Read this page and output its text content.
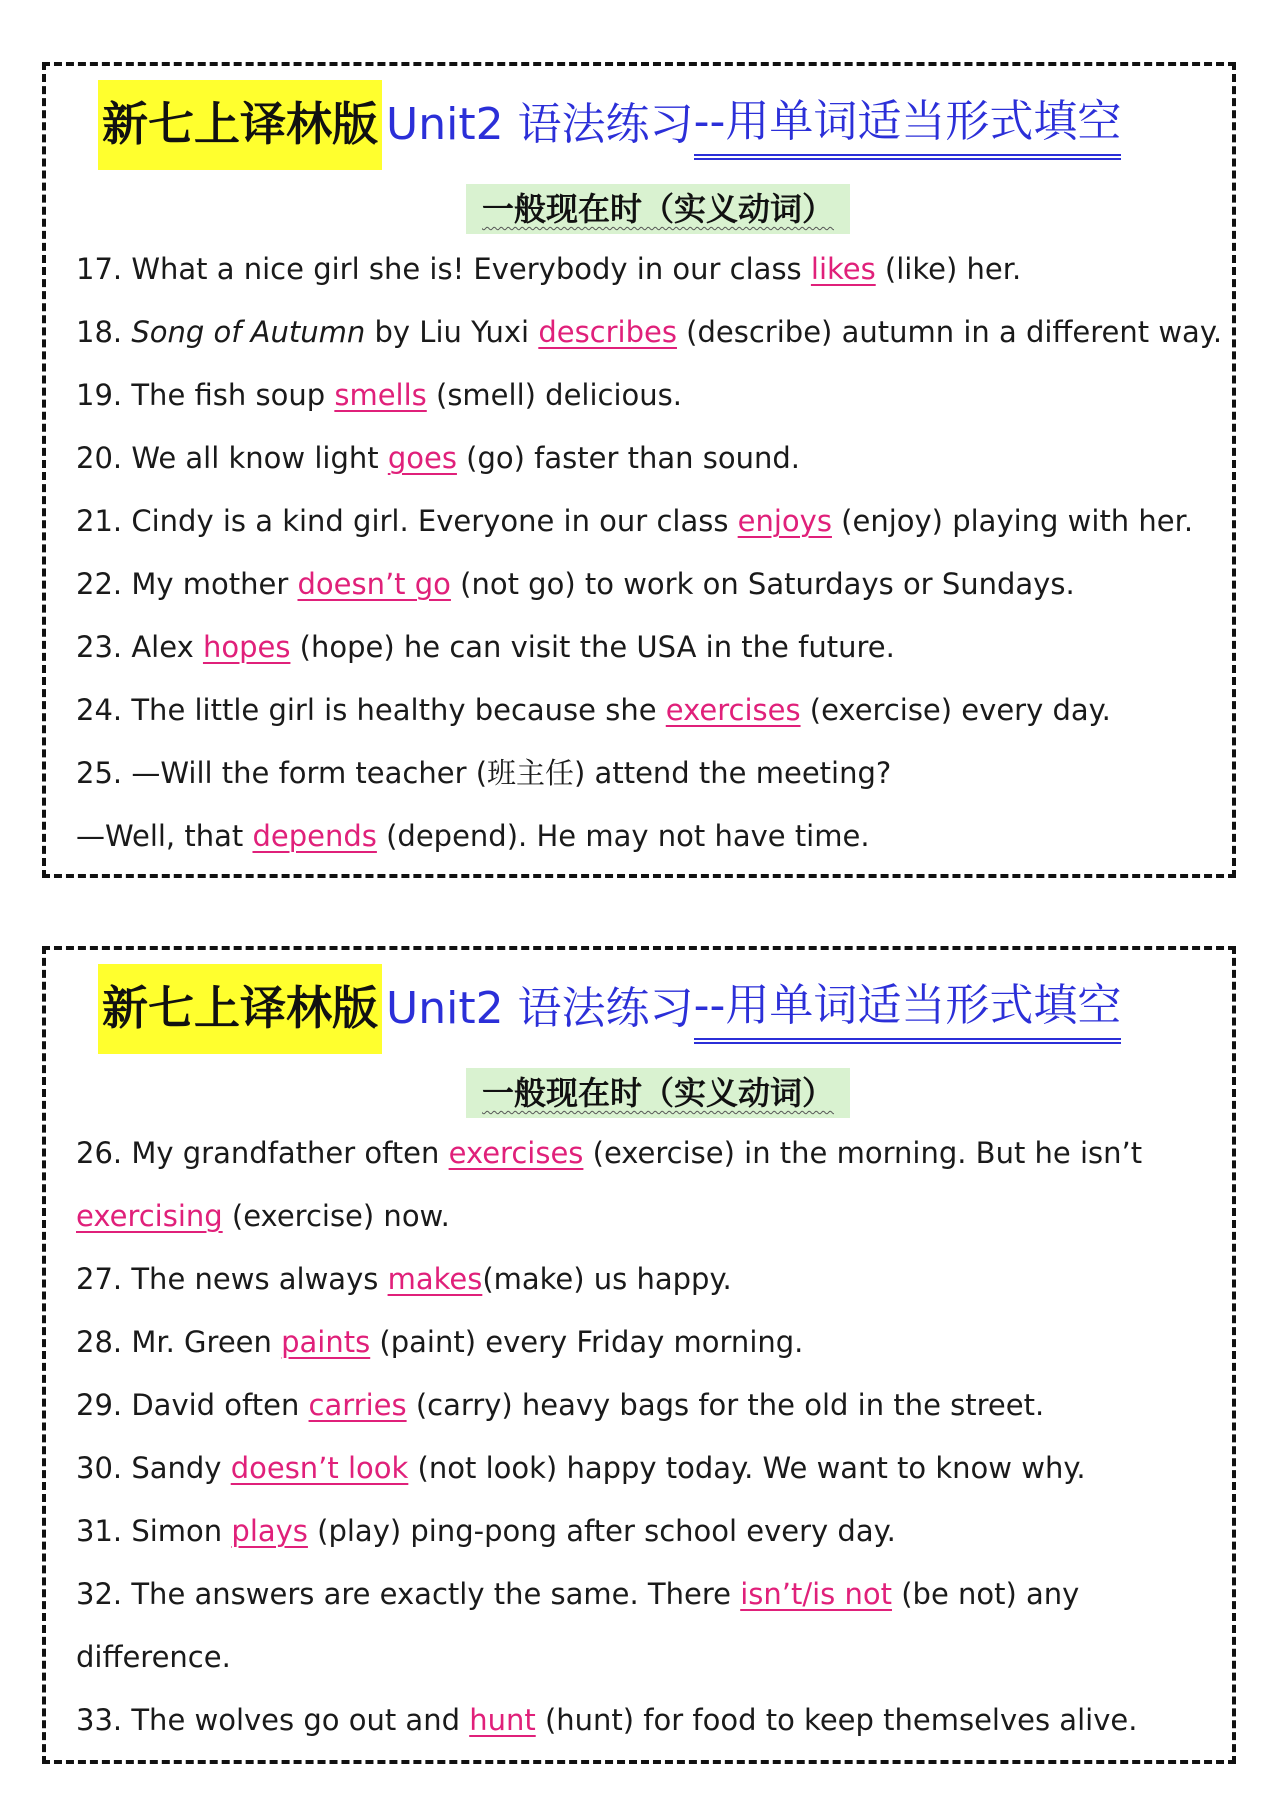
新七上译林版 Unit2 语法练习 --用单词适当形式填空
一般现在时（实义动词）
17. What a nice girl she is! Everybody in our class likes (like) her.
18. Song of Autumn by Liu Yuxi describes (describe) autumn in a different way.
19. The fish soup smells (smell) delicious.
20. We all know light goes (go) faster than sound.
21. Cindy is a kind girl. Everyone in our class enjoys (enjoy) playing with her.
22. My mother doesn’t go (not go) to work on Saturdays or Sundays.
23. Alex hopes (hope) he can visit the USA in the future.
24. The little girl is healthy because she exercises (exercise) every day.
25. —Will the form teacher (班主任) attend the meeting?
—Well, that depends (depend). He may not have time.
新七上译林版 Unit2 语法练习 --用单词适当形式填空
一般现在时（实义动词）
26. My grandfather often exercises (exercise) in the morning. But he isn’t
exercising (exercise) now.
27. The news always makes(make) us happy.
28. Mr. Green paints (paint) every Friday morning.
29. David often carries (carry) heavy bags for the old in the street.
30. Sandy doesn’t look (not look) happy today. We want to know why.
31. Simon plays (play) ping-pong after school every day.
32. The answers are exactly the same. There isn’t/is not (be not) any
difference.
33. The wolves go out and hunt (hunt) for food to keep themselves alive.
